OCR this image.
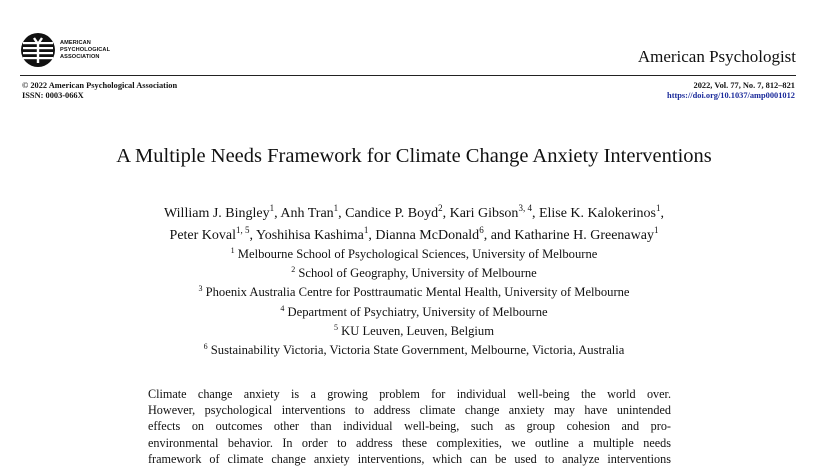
AMERICAN
PSYCHOLOGICAL
ASSOCIATION	American Psychologist
© 2022 American Psychological Association
ISSN: 0003-066X
2022, Vol. 77, No. 7, 812–821
https://doi.org/10.1037/amp0001012
A Multiple Needs Framework for Climate Change Anxiety Interventions
William J. Bingley$^1$, Anh Tran$^1$, Candice P. Boyd$^2$, Kari Gibson$^{3, 4}$, Elise K. Kalokerinos$^1$,
Peter Koval$^{1, 5}$, Yoshihisa Kashima$^1$, Dianna McDonald$^6$, and Katharine H. Greenaway$^1$
$^1$ Melbourne School of Psychological Sciences, University of Melbourne
$^2$ School of Geography, University of Melbourne
$^3$ Phoenix Australia Centre for Posttraumatic Mental Health, University of Melbourne
$^4$ Department of Psychiatry, University of Melbourne
$^5$ KU Leuven, Leuven, Belgium
$^6$ Sustainability Victoria, Victoria State Government, Melbourne, Victoria, Australia

Climate change anxiety is a growing problem for individual well-being the world over.

However, psychological interventions to address climate change anxiety may have unintended

effects on outcomes other than individual well-being, such as group cohesion and pro-

environmental behavior. In order to address these complexities, we outline a multiple needs

framework of climate change anxiety interventions, which can be used to analyze interventions
